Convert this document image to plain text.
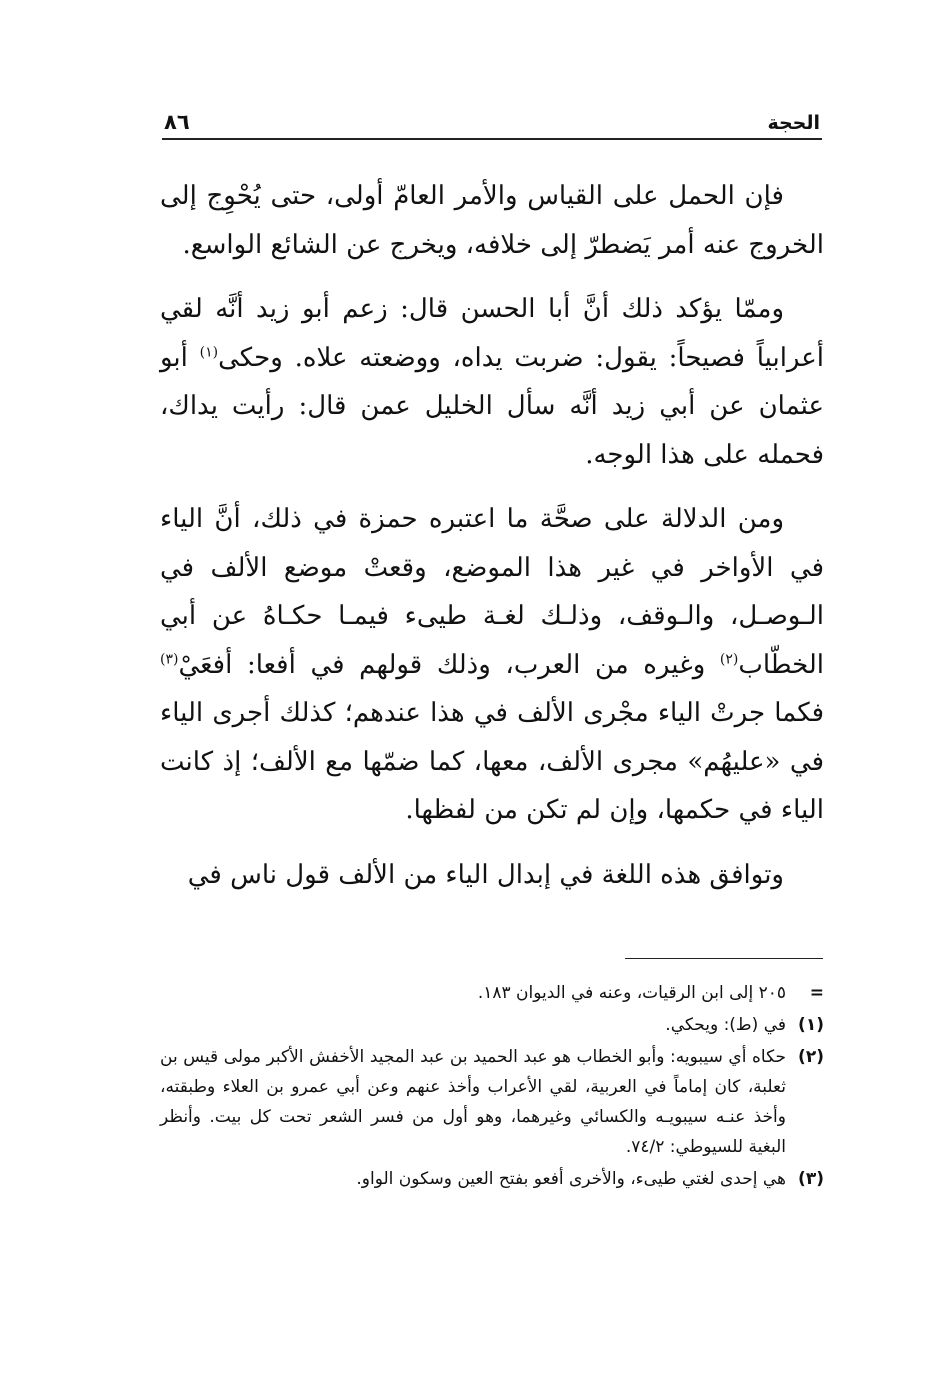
الحجة
٨٦

فإن الحمل على القياس والأمر العامّ أولى، حتى يُحْوِج إلى الخروج عنه أمر يَضطرّ إلى خلافه، ويخرج عن الشائع الواسع.

وممّا يؤكد ذلك أنَّ أبا الحسن قال: زعم أبو زيد أنَّه لقي أعرابياً فصيحاً: يقول: ضربت يداه، ووضعته علاه. وحكى$^{(١)}$ أبو عثمان عن أبي زيد أنَّه سأل الخليل عمن قال: رأيت يداك، فحمله على هذا الوجه.

ومن الدلالة على صحَّة ما اعتبره حمزة في ذلك، أنَّ الياء في الأواخر في غير هذا الموضع، وقعتْ موضع الألف في الـوصـل، والـوقف، وذلـك لغـة طيىء فيمـا حكـاهُ عن أبي الخطّاب$^{(٢)}$ وغيره من العرب، وذلك قولهم في أفعا: أفعَيْ$^{(٣)}$ فكما جرتْ الياء مجْرى الألف في هذا عندهم؛ كذلك أجرى الياء في «عليهُم» مجرى الألف، معها، كما ضمّها مع الألف؛ إذ كانت الياء في حكمها، وإن لم تكن من لفظها.

وتوافق هذه اللغة في إبدال الياء من الألف قول ناس في

=٢٠٥ إلى ابن الرقيات، وعنه في الديوان ١٨٣.

(١)في (ط): ويحكي.

(٢)حكاه أي سيبويه: وأبو الخطاب هو عبد الحميد بن عبد المجيد الأخفش الأكبر مولى قيس بن ثعلبة، كان إماماً في العربية، لقي الأعراب وأخذ عنهم وعن أبي عمرو بن العلاء وطبقته، وأخذ عنـه سيبويـه والكسائي وغيرهما، وهو أول من فسر الشعر تحت كل بيت. وأنظر البغية للسيوطي: ٧٤/٢.

(٣)هي إحدى لغتي طيىء، والأخرى أفعو بفتح العين وسكون الواو.
